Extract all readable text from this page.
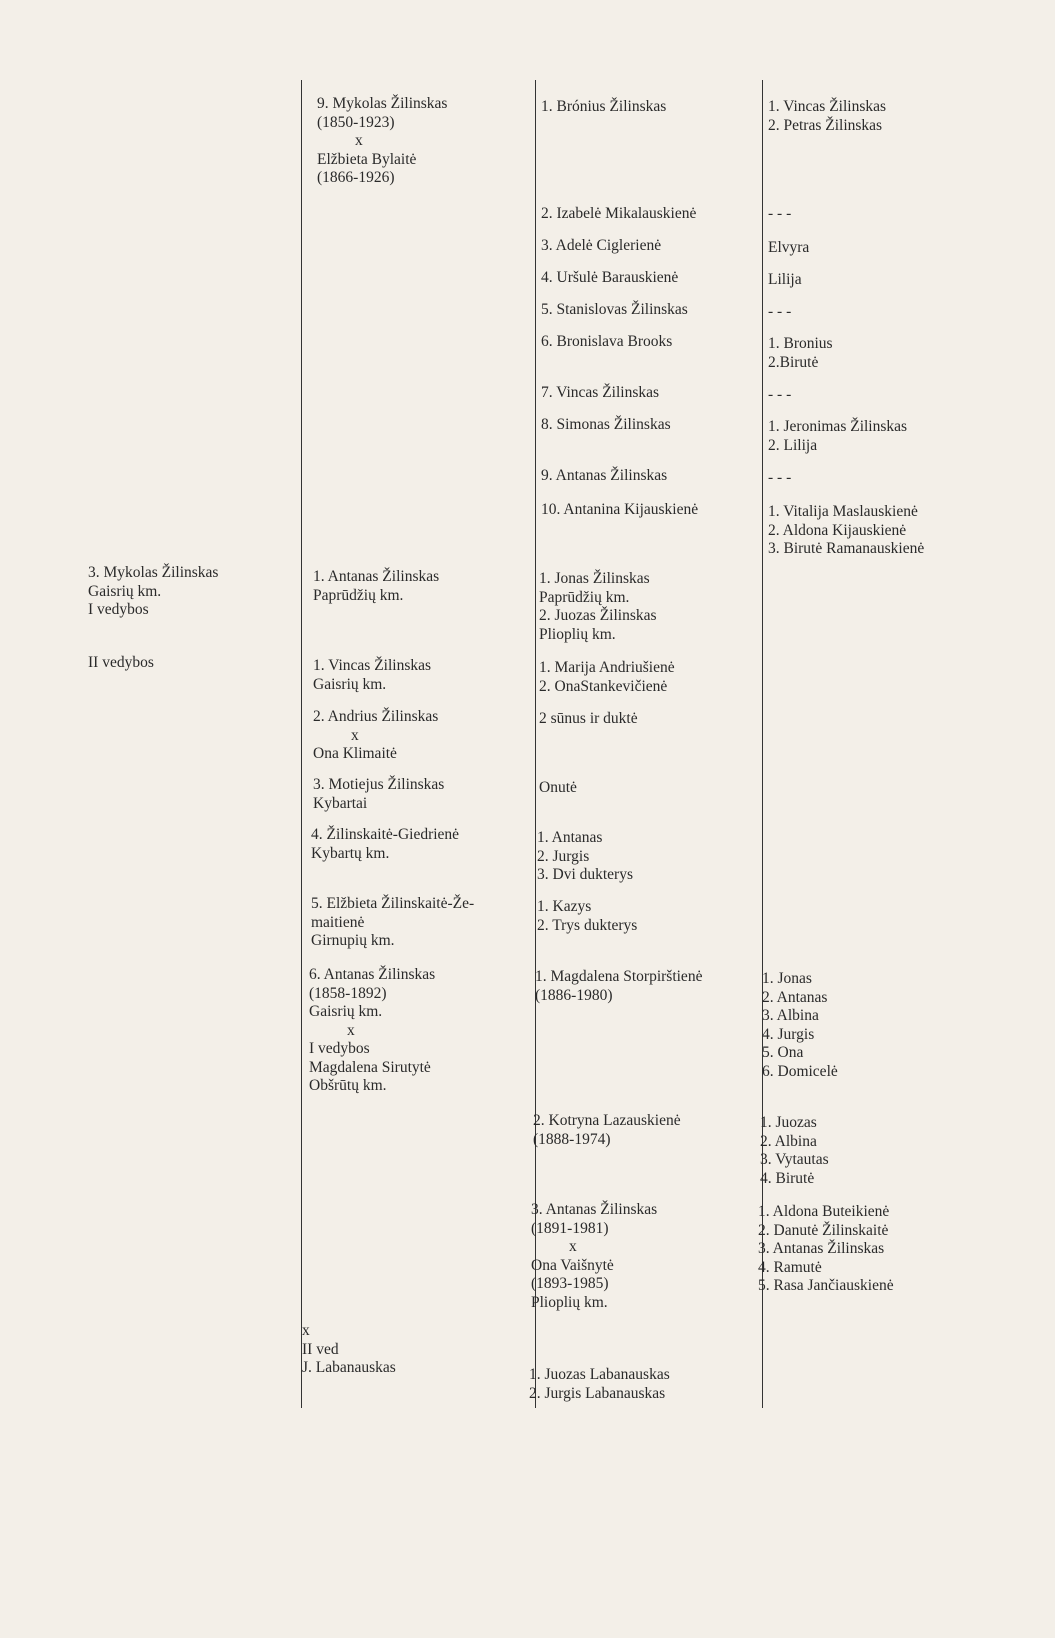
3. Mykolas Žilinskas
Gaisrių km.
I vedybos
II vedybos
9. Mykolas Žilinskas
(1850-1923)
x
Elžbieta Bylaitė
(1866-1926)
1. Antanas Žilinskas
Paprūdžių km.
1. Vincas Žilinskas
Gaisrių km.
2. Andrius Žilinskas
x
Ona Klimaitė
3. Motiejus Žilinskas
Kybartai
4. Žilinskaitė-Giedrienė
Kybartų km.
5. Elžbieta Žilinskaitė-Že-
maitienė
Girnupių km.
6. Antanas Žilinskas
(1858-1892)
Gaisrių km.
x
I vedybos
Magdalena Sirutytė
Obšrūtų km.
x
II ved
J. Labanauskas
1. Brónius Žilinskas
2. Izabelė Mikalauskienė
3. Adelė Ciglerienė
4. Uršulė Barauskienė
5. Stanislovas Žilinskas
6. Bronislava Brooks
7. Vincas Žilinskas
8. Simonas Žilinskas
9. Antanas Žilinskas
10. Antanina Kijauskienė
1. Jonas Žilinskas
Paprūdžių km.
2. Juozas Žilinskas
Plioplių km.
1. Marija Andriušienė
2. OnaStankevičienė
2 sūnus ir duktė
Onutė
1. Antanas
2. Jurgis
3. Dvi dukterys
1. Kazys
2. Trys dukterys
1. Magdalena Storpirštienė
(1886-1980)
2. Kotryna Lazauskienė
(1888-1974)
3. Antanas Žilinskas
(1891-1981)
x
Ona Vaišnytė
(1893-1985)
Plioplių km.
1. Juozas Labanauskas
2. Jurgis Labanauskas
1. Vincas Žilinskas
2. Petras Žilinskas
- - -
Elvyra
Lilija
- - -
1. Bronius
2.Birutė
- - -
1. Jeronimas Žilinskas
2. Lilija
- - -
1. Vitalija Maslauskienė
2. Aldona Kijauskienė
3. Birutė Ramanauskienė
1. Jonas
2. Antanas
3. Albina
4. Jurgis
5. Ona
6. Domicelė
1. Juozas
2. Albina
3. Vytautas
4. Birutė
1. Aldona Buteikienė
2. Danutė Žilinskaitė
3. Antanas Žilinskas
4. Ramutė
5. Rasa Jančiauskienė
